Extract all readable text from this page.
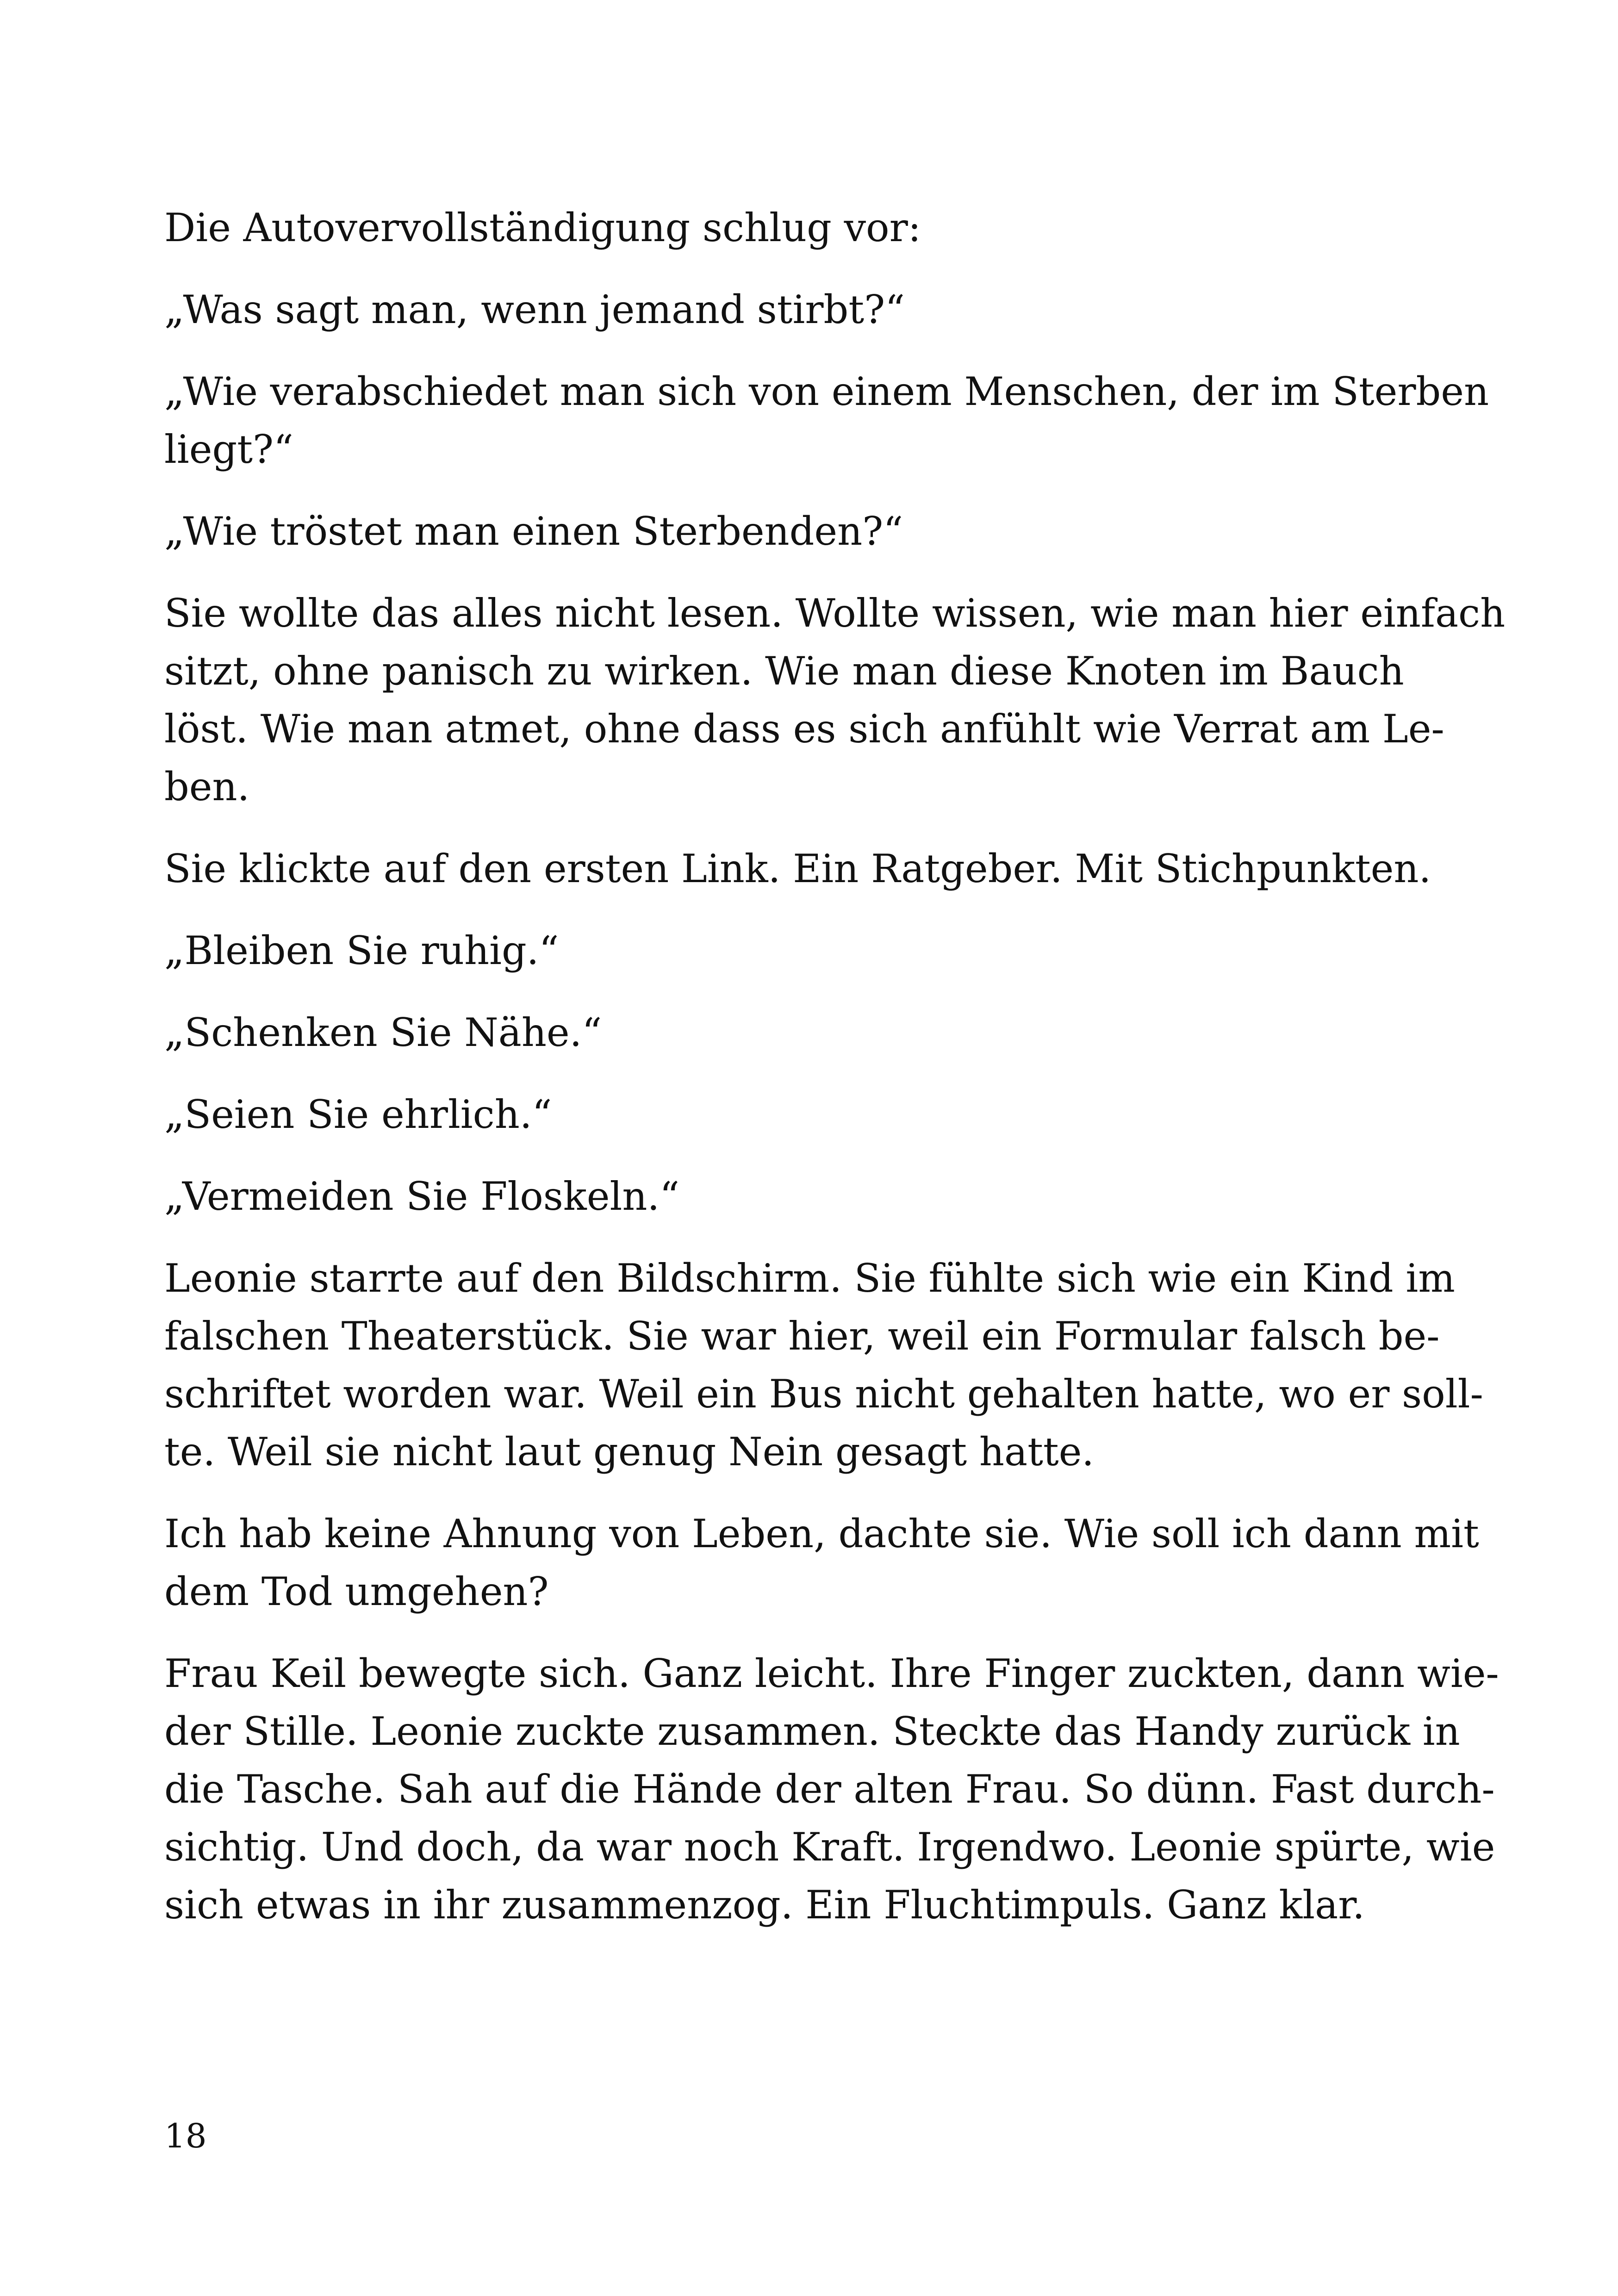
Die Autovervollständigung schlug vor:

„Was sagt man, wenn jemand stirbt?“

„Wie verabschiedet man sich von einem Menschen, der im Sterben
liegt?“

„Wie tröstet man einen Sterbenden?“

Sie wollte das alles nicht lesen. Wollte wissen, wie man hier einfach
sitzt, ohne panisch zu wirken. Wie man diese Knoten im Bauch
löst. Wie man atmet, ohne dass es sich anfühlt wie Verrat am Le-
ben.

Sie klickte auf den ersten Link. Ein Ratgeber. Mit Stichpunkten.

„Bleiben Sie ruhig.“

„Schenken Sie Nähe.“

„Seien Sie ehrlich.“

„Vermeiden Sie Floskeln.“

Leonie starrte auf den Bildschirm. Sie fühlte sich wie ein Kind im
falschen Theaterstück. Sie war hier, weil ein Formular falsch be-
schriftet worden war. Weil ein Bus nicht gehalten hatte, wo er soll-
te. Weil sie nicht laut genug Nein gesagt hatte.

Ich hab keine Ahnung von Leben, dachte sie. Wie soll ich dann mit
dem Tod umgehen?

Frau Keil bewegte sich. Ganz leicht. Ihre Finger zuckten, dann wie-
der Stille. Leonie zuckte zusammen. Steckte das Handy zurück in
die Tasche. Sah auf die Hände der alten Frau. So dünn. Fast durch-
sichtig. Und doch, da war noch Kraft. Irgendwo. Leonie spürte, wie
sich etwas in ihr zusammenzog. Ein Fluchtimpuls. Ganz klar.

18
